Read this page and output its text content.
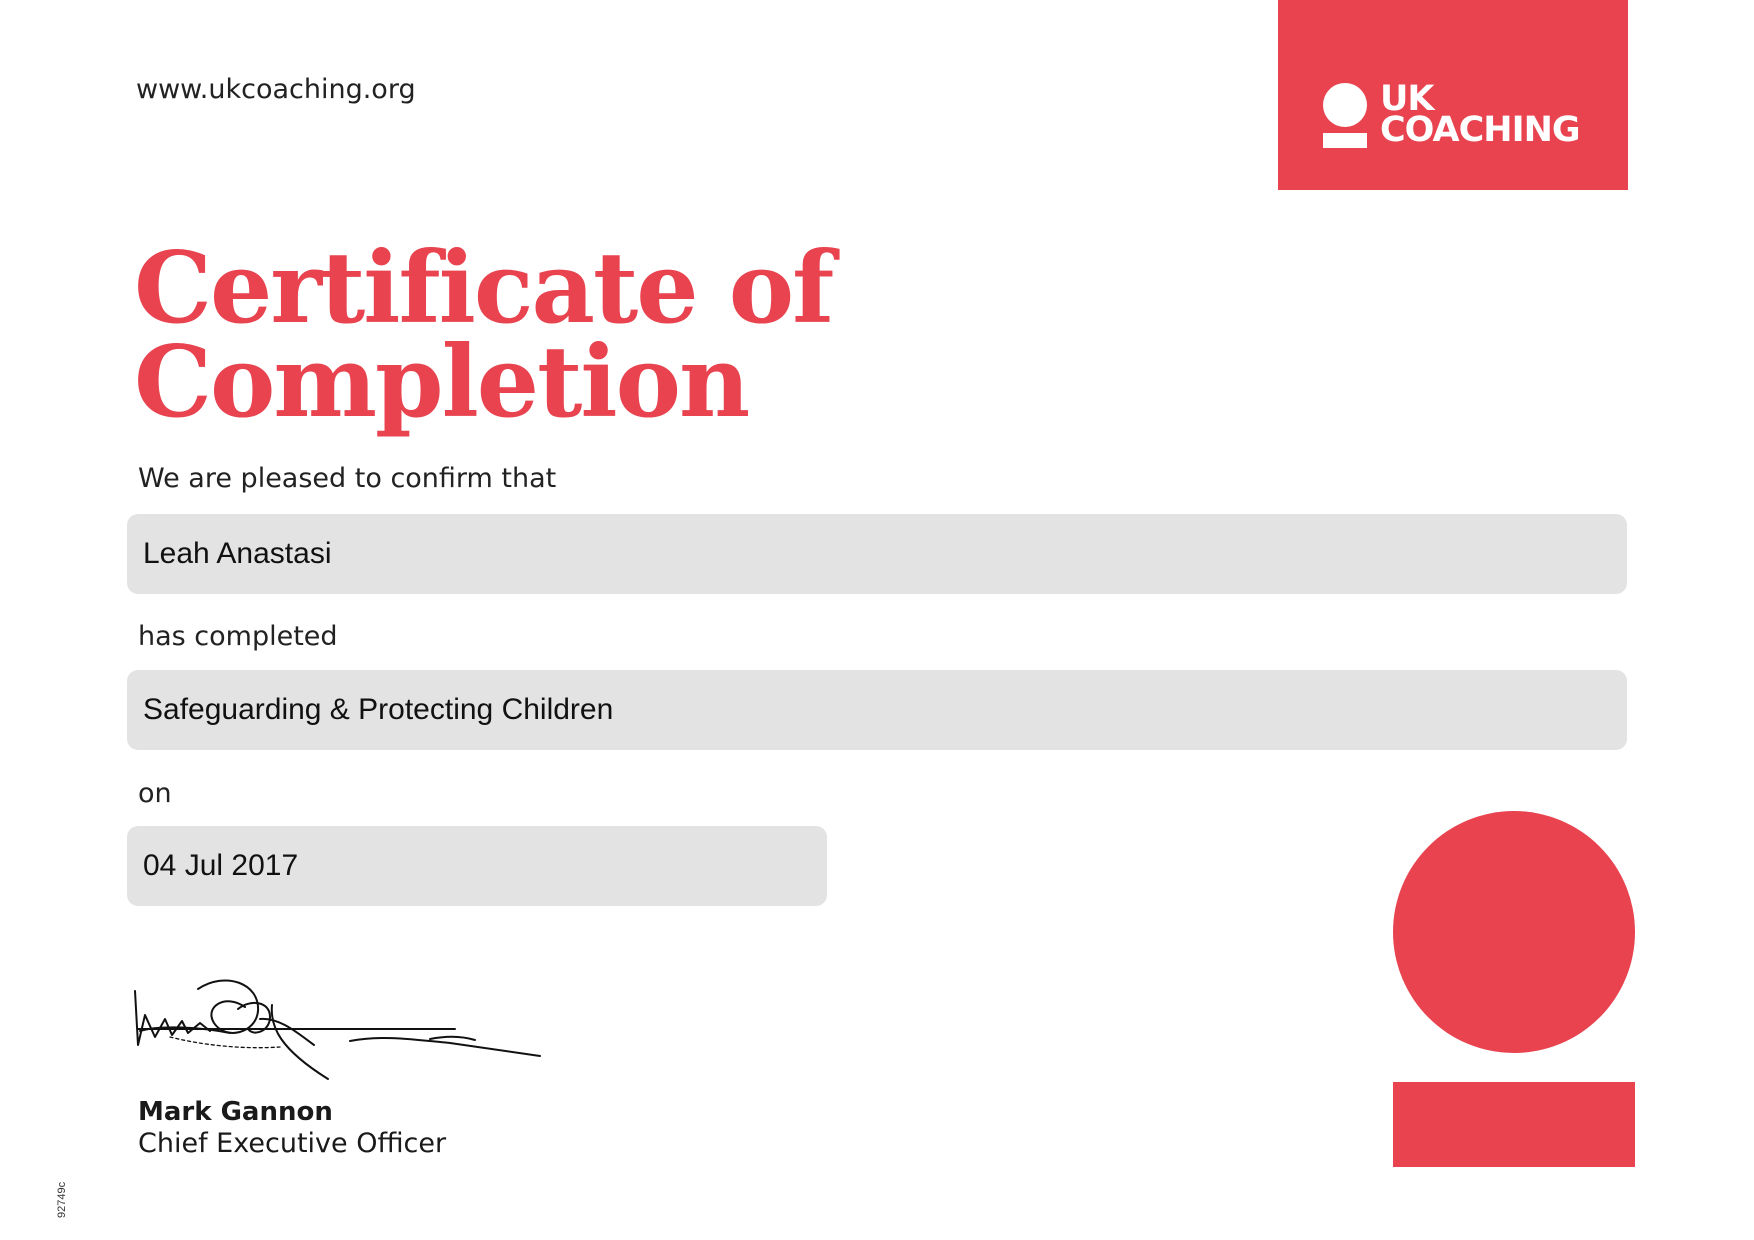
www.ukcoaching.org	UK
COACHING
Certificate of
Completion
We are pleased to confirm that
Leah Anastasi
has completed
Safeguarding & Protecting Children
on
04 Jul 2017
Mark Gannon
Chief Executive Officer
92749c
